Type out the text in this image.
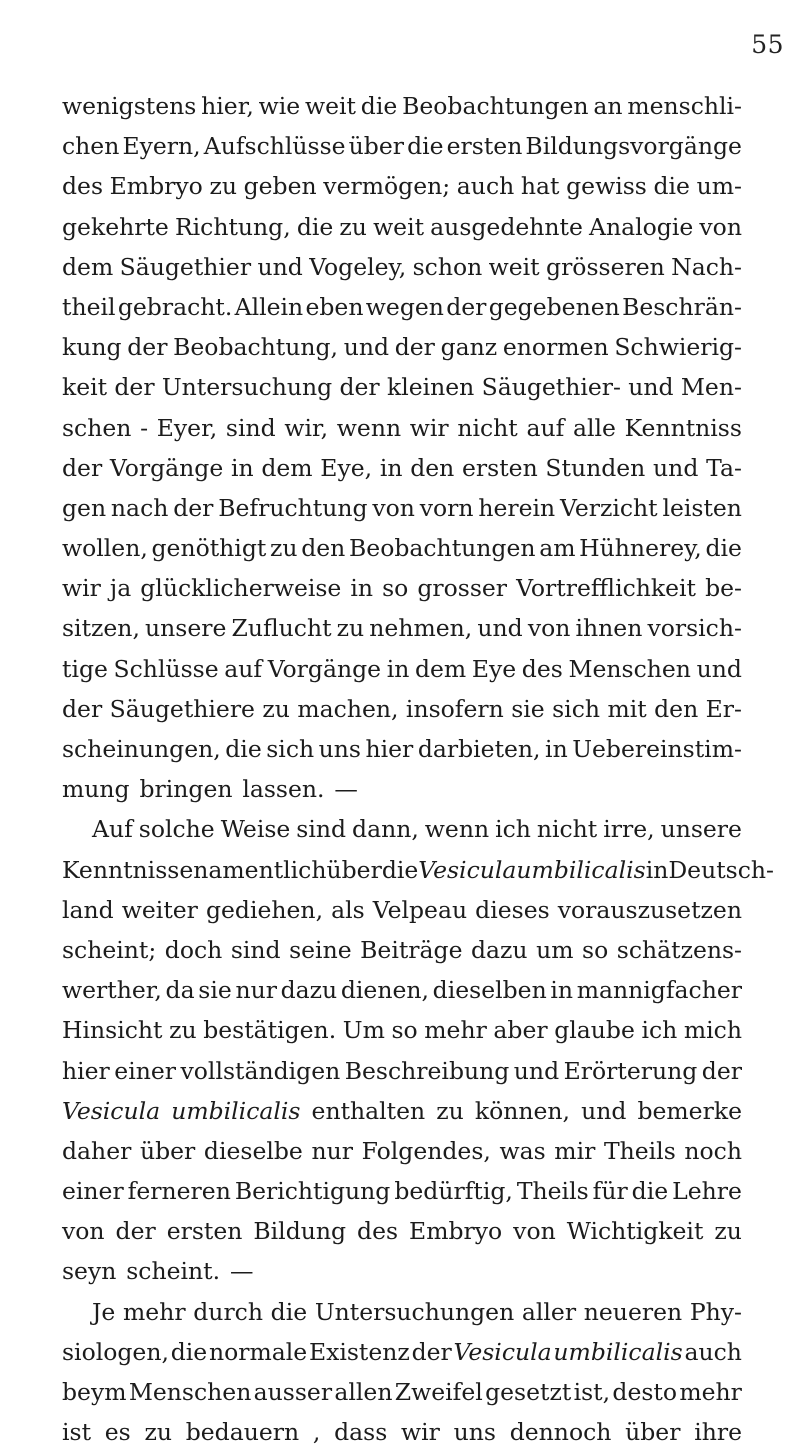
55
wenigstens hier, wie weit die Beobachtungen an menschli-
chen Eyern, Aufschlüsse über die ersten Bildungsvorgänge
des Embryo zu geben vermögen; auch hat gewiss die um-
gekehrte Richtung, die zu weit ausgedehnte Analogie von
dem Säugethier und Vogeley, schon weit grösseren Nach-
theil gebracht. Allein eben wegen der gegebenen Beschrän-
kung der Beobachtung, und der ganz enormen Schwierig-
keit der Untersuchung der kleinen Säugethier- und Men-
schen - Eyer, sind wir, wenn wir nicht auf alle Kenntniss
der Vorgänge in dem Eye, in den ersten Stunden und Ta-
gen nach der Befruchtung von vorn herein Verzicht leisten
wollen, genöthigt zu den Beobachtungen am Hühnerey, die
wir ja glücklicherweise in so grosser Vortrefflichkeit be-
sitzen, unsere Zuflucht zu nehmen, und von ihnen vorsich-
tige Schlüsse auf Vorgänge in dem Eye des Menschen und
der Säugethiere zu machen, insofern sie sich mit den Er-
scheinungen, die sich uns hier darbieten, in Uebereinstim-
mung bringen lassen. —
Auf solche Weise sind dann, wenn ich nicht irre, unsere
Kenntnisse namentlich über die Vesicula umbilicalis in Deutsch-
land weiter gediehen, als Velpeau dieses vorauszusetzen
scheint; doch sind seine Beiträge dazu um so schätzens-
werther, da sie nur dazu dienen, dieselben in mannigfacher
Hinsicht zu bestätigen. Um so mehr aber glaube ich mich
hier einer vollständigen Beschreibung und Erörterung der
Vesicula umbilicalis enthalten zu können, und bemerke
daher über dieselbe nur Folgendes, was mir Theils noch
einer ferneren Berichtigung bedürftig, Theils für die Lehre
von der ersten Bildung des Embryo von Wichtigkeit zu
seyn scheint. —
Je mehr durch die Untersuchungen aller neueren Phy-
siologen, die normale Existenz der Vesicula umbilicalis auch
beym Menschen ausser allen Zweifel gesetzt ist, desto mehr
ist es zu bedauern , dass wir uns dennoch über ihre
